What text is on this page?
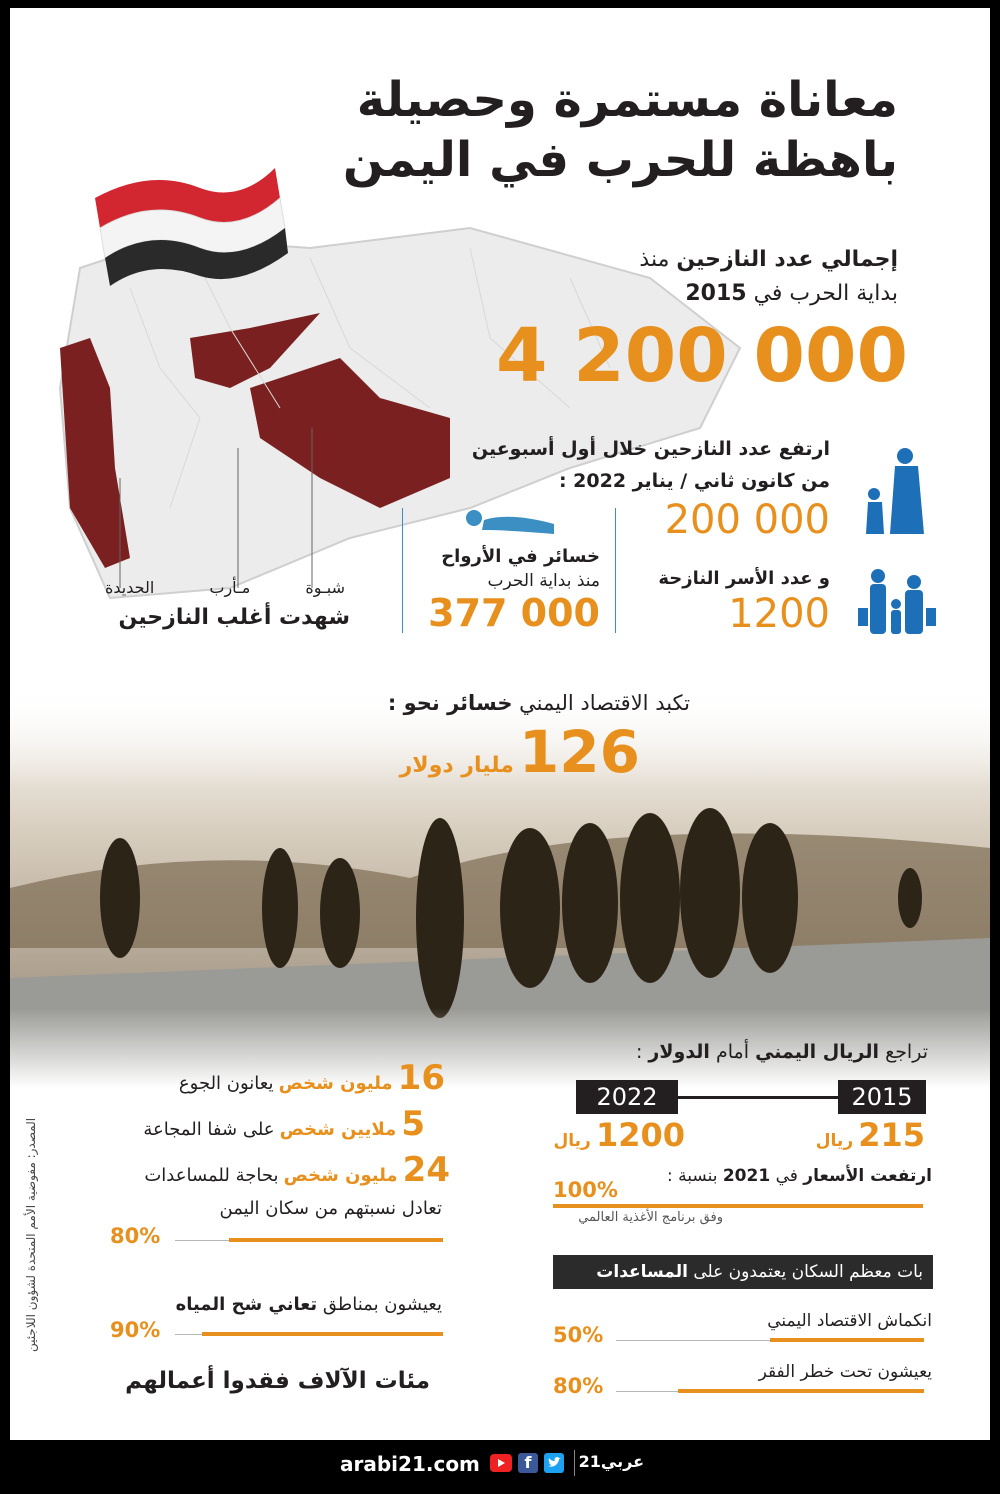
معاناة مستمرة وحصيلة
باهظة للحرب في اليمن
إجمالي عدد النازحين منذ
بداية الحرب في 2015
4 200 000
ارتفع عدد النازحين خلال أول أسبوعين
من كانون ثاني / يناير 2022 :
200 000
و عدد الأسر النازحة
1200
خسائر في الأرواح
منذ بداية الحرب
377 000
شبـوة
مـأرب
الحديدة
شهدت أغلب النازحين
تكبد الاقتصاد اليمني خسائر نحو :
126 مليار دولار
تراجع الريال اليمني أمام الدولار :
2015
2022
215 ريال
1200 ريال
ارتفعت الأسعار في 2021 بنسبة :
100%
وفق برنامج الأغذية العالمي
بات معظم السكان يعتمدون على المساعدات
انكماش الاقتصاد اليمني
50%
يعيشون تحت خطر الفقر
80%
16 مليون شخص يعانون الجوع
5 ملايين شخص على شفا المجاعة
24 مليون شخص بحاجة للمساعدات
تعادل نسبتهم من سكان اليمن
80%
يعيشون بمناطق تعاني شح المياه
90%
مئات الآلاف فقدوا أعمالهم
المصدر: مفوضية الأمم المتحدة لشؤون اللاجئين
arabi21.com	f	عربي21
